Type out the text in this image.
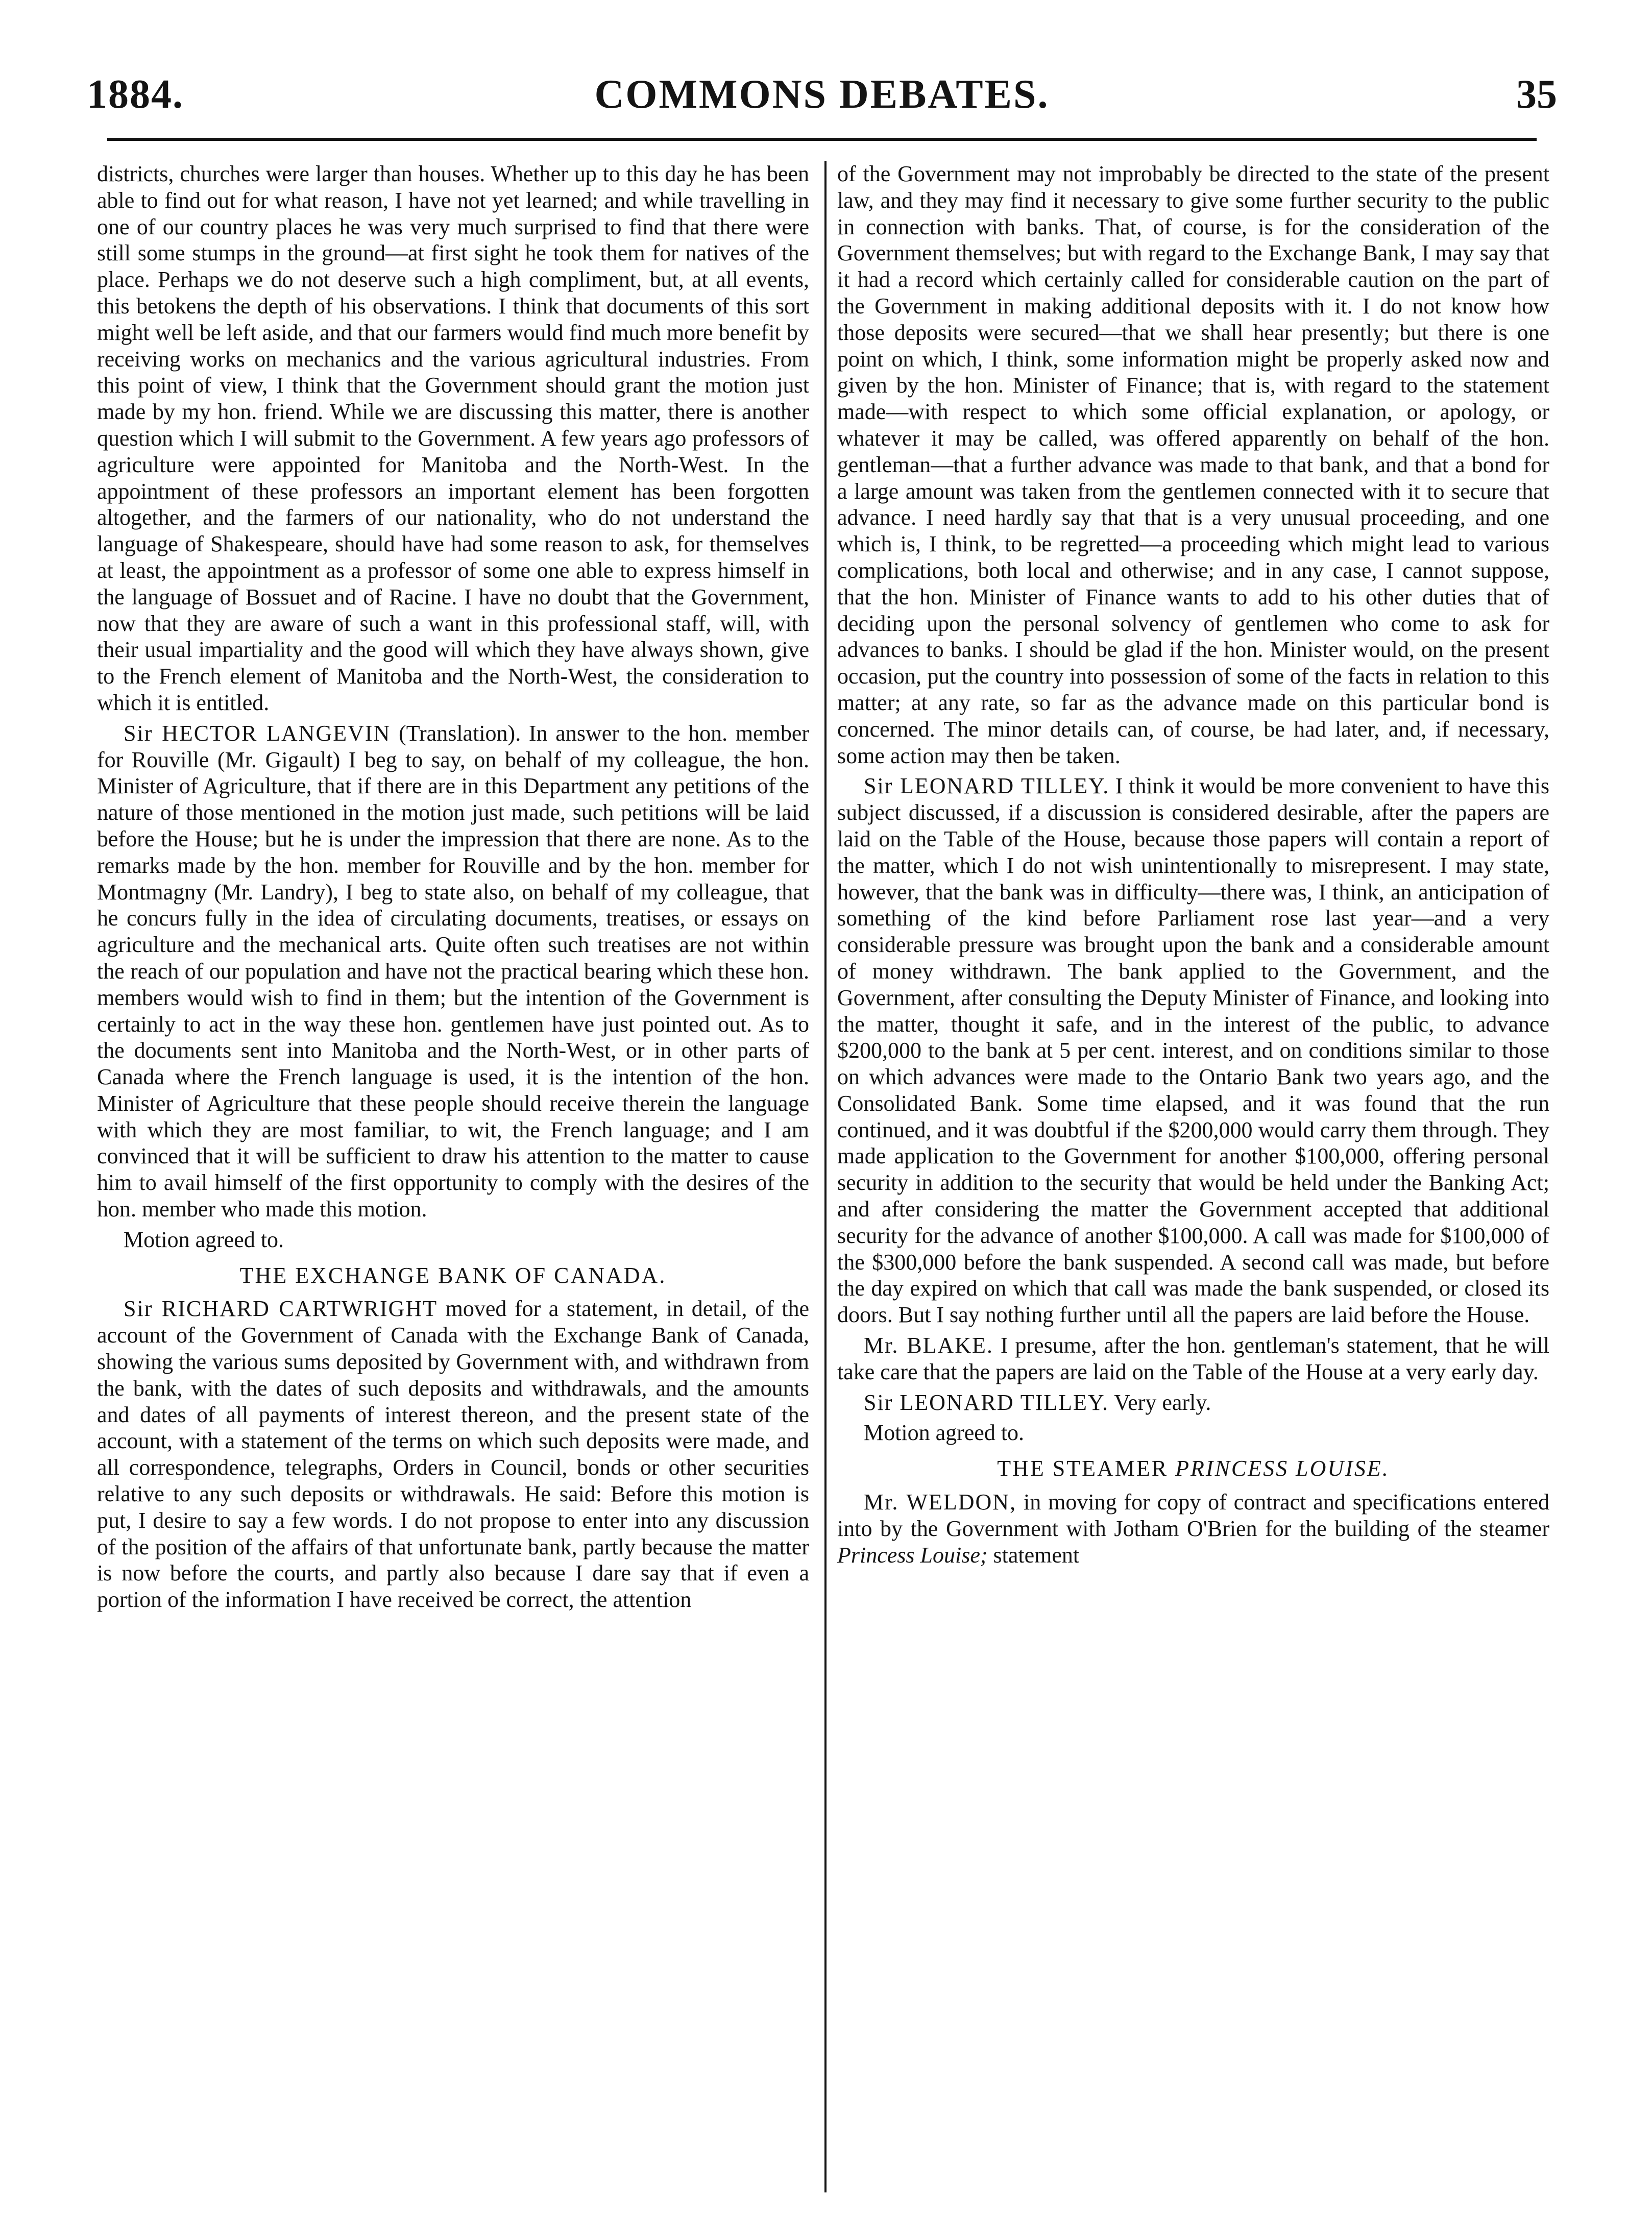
COMMONS DEBATES.
1884.	35

districts, churches were larger than houses. Whether up to this day he has been able to find out for what reason, I have not yet learned; and while travelling in one of our country places he was very much surprised to find that there were still some stumps in the ground—at first sight he took them for natives of the place. Perhaps we do not deserve such a high compliment, but, at all events, this betokens the depth of his observations. I think that documents of this sort might well be left aside, and that our farmers would find much more benefit by receiving works on mechanics and the various agricultural industries. From this point of view, I think that the Government should grant the motion just made by my hon. friend. While we are discussing this matter, there is another question which I will submit to the Government. A few years ago professors of agriculture were appointed for Manitoba and the North-West. In the appointment of these professors an important element has been forgotten altogether, and the farmers of our nationality, who do not understand the language of Shakespeare, should have had some reason to ask, for themselves at least, the appointment as a professor of some one able to express himself in the language of Bossuet and of Racine. I have no doubt that the Government, now that they are aware of such a want in this professional staff, will, with their usual impartiality and the good will which they have always shown, give to the French element of Manitoba and the North-West, the consideration to which it is entitled.

Sir HECTOR LANGEVIN (Translation). In answer to the hon. member for Rouville (Mr. Gigault) I beg to say, on behalf of my colleague, the hon. Minister of Agriculture, that if there are in this Department any petitions of the nature of those mentioned in the motion just made, such petitions will be laid before the House; but he is under the impression that there are none. As to the remarks made by the hon. member for Rouville and by the hon. member for Montmagny (Mr. Landry), I beg to state also, on behalf of my colleague, that he concurs fully in the idea of circulating documents, treatises, or essays on agriculture and the mechanical arts. Quite often such treatises are not within the reach of our population and have not the practical bearing which these hon. members would wish to find in them; but the intention of the Government is certainly to act in the way these hon. gentlemen have just pointed out. As to the documents sent into Manitoba and the North-West, or in other parts of Canada where the French language is used, it is the intention of the hon. Minister of Agriculture that these people should receive therein the language with which they are most familiar, to wit, the French language; and I am convinced that it will be sufficient to draw his attention to the matter to cause him to avail himself of the first opportunity to comply with the desires of the hon. member who made this motion.

Motion agreed to.

THE EXCHANGE BANK OF CANADA.

Sir RICHARD CARTWRIGHT moved for a statement, in detail, of the account of the Government of Canada with the Exchange Bank of Canada, showing the various sums deposited by Government with, and withdrawn from the bank, with the dates of such deposits and withdrawals, and the amounts and dates of all payments of interest thereon, and the present state of the account, with a statement of the terms on which such deposits were made, and all correspondence, telegraphs, Orders in Council, bonds or other securities relative to any such deposits or withdrawals. He said: Before this motion is put, I desire to say a few words. I do not propose to enter into any discussion of the position of the affairs of that unfortunate bank, partly because the matter is now before the courts, and partly also because I dare say that if even a portion of the information I have received be correct, the attention

of the Government may not improbably be directed to the state of the present law, and they may find it necessary to give some further security to the public in connection with banks. That, of course, is for the consideration of the Government themselves; but with regard to the Exchange Bank, I may say that it had a record which certainly called for considerable caution on the part of the Government in making additional deposits with it. I do not know how those deposits were secured—that we shall hear presently; but there is one point on which, I think, some information might be properly asked now and given by the hon. Minister of Finance; that is, with regard to the statement made—with respect to which some official explanation, or apology, or whatever it may be called, was offered apparently on behalf of the hon. gentleman—that a further advance was made to that bank, and that a bond for a large amount was taken from the gentlemen connected with it to secure that advance. I need hardly say that that is a very unusual proceeding, and one which is, I think, to be regretted—a proceeding which might lead to various complications, both local and otherwise; and in any case, I cannot suppose, that the hon. Minister of Finance wants to add to his other duties that of deciding upon the personal solvency of gentlemen who come to ask for advances to banks. I should be glad if the hon. Minister would, on the present occasion, put the country into possession of some of the facts in relation to this matter; at any rate, so far as the advance made on this particular bond is concerned. The minor details can, of course, be had later, and, if necessary, some action may then be taken.

Sir LEONARD TILLEY. I think it would be more convenient to have this subject discussed, if a discussion is considered desirable, after the papers are laid on the Table of the House, because those papers will contain a report of the matter, which I do not wish unintentionally to misrepresent. I may state, however, that the bank was in difficulty—there was, I think, an anticipation of something of the kind before Parliament rose last year—and a very considerable pressure was brought upon the bank and a considerable amount of money withdrawn. The bank applied to the Government, and the Government, after consulting the Deputy Minister of Finance, and looking into the matter, thought it safe, and in the interest of the public, to advance $200,000 to the bank at 5 per cent. interest, and on conditions similar to those on which advances were made to the Ontario Bank two years ago, and the Consolidated Bank. Some time elapsed, and it was found that the run continued, and it was doubtful if the $200,000 would carry them through. They made application to the Government for another $100,000, offering personal security in addition to the security that would be held under the Banking Act; and after considering the matter the Government accepted that additional security for the advance of another $100,000. A call was made for $100,000 of the $300,000 before the bank suspended. A second call was made, but before the day expired on which that call was made the bank suspended, or closed its doors. But I say nothing further until all the papers are laid before the House.

Mr. BLAKE. I presume, after the hon. gentleman's statement, that he will take care that the papers are laid on the Table of the House at a very early day.

Sir LEONARD TILLEY. Very early.

Motion agreed to.

THE STEAMER PRINCESS LOUISE.

Mr. WELDON, in moving for copy of contract and specifications entered into by the Government with Jotham O'Brien for the building of the steamer Princess Louise; statement
